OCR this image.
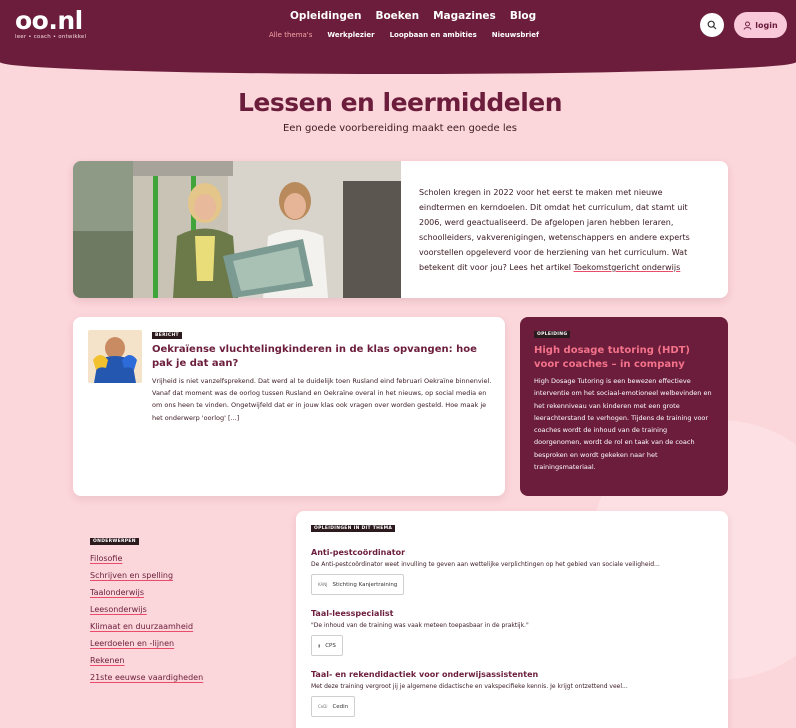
oo.nl
leer • coach • ontwikkel
Opleidingen Boeken Magazines Blog
Alle thema's Werkplezier Loopbaan en ambities Nieuwsbrief
login
Lessen en leermiddelen
Een goede voorbereiding maakt een goede les

Scholen kregen in 2022 voor het eerst te maken met nieuwe eindtermen en kerndoelen. Dit omdat het curriculum, dat stamt uit 2006, werd geactualiseerd. De afgelopen jaren hebben leraren, schoolleiders, vakverenigingen, wetenschappers en andere experts voorstellen opgeleverd voor de herziening van het curriculum. Wat betekent dit voor jou? Lees het artikel Toekomstgericht onderwijs

BERICHT
Oekraïense vluchtelingkinderen in de klas opvangen: hoe pak je dat aan?
Vrijheid is niet vanzelfsprekend. Dat werd al te duidelijk toen Rusland eind februari Oekraïne binnenviel. Vanaf dat moment was de oorlog tussen Rusland en Oekraïne overal in het nieuws, op social media en om ons heen te vinden. Ongetwijfeld dat er in jouw klas ook vragen over worden gesteld. Hoe maak je het onderwerp 'oorlog' [...]
OPLEIDING
High dosage tutoring (HDT) voor coaches – in company
High Dosage Tutoring is een bewezen effectieve interventie om het sociaal-emotioneel welbevinden en het rekenniveau van kinderen met een grote leerachterstand te verhogen. Tijdens de training voor coaches wordt de inhoud van de training doorgenomen, wordt de rol en taak van de coach besproken en wordt gekeken naar het trainingsmateriaal.
ONDERWERPEN
Filosofie
Schrijven en spelling
Taalonderwijs
Leesonderwijs
Klimaat en duurzaamheid
Leerdoelen en -lijnen
Rekenen
21ste eeuwse vaardigheden
OPLEIDINGEN IN DIT THEMA
Anti-pestcoördinator
De Anti-pestcoördinator weet invulling te geven aan wettelijke verplichtingen op het gebied van sociale veiligheid...
KANJ Stichting Kanjertraining
Taal-leesspecialist
"De inhoud van de training was vaak meteen toepasbaar in de praktijk."
▮ CPS
Taal- en rekendidactiek voor onderwijsassistenten
Met deze training vergroot jij je algemene didactische en vakspecifieke kennis. Je krijgt ontzettend veel...
CeDi Cedin
